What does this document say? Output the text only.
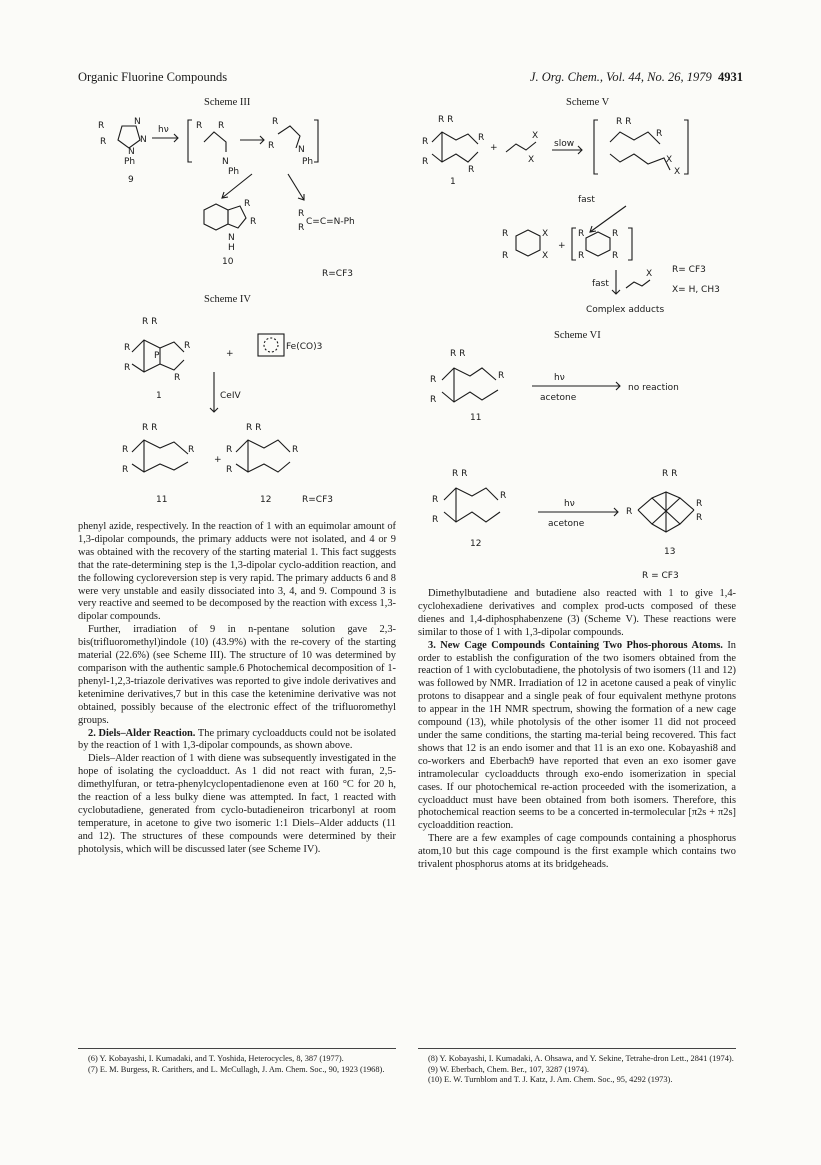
Organic Fluorine Compounds	J. Org. Chem., Vol. 44, No. 26, 1979 4931
Scheme III
R
R
N
N
N
Ph
9
hν	R R
N
Ph
R
R	N
Ph
R
R
N
H
10
R
R
C=C=N-Ph
R=CF3
Scheme IV
R R
R
R
R
R
P
1
+
Fe(CO)3
CeIV
R R
R
R
R
11
+
R R
R
R
R
12	R=CF3
Scheme V
R R
R
R
R
R
1
+
X
X
slow
R R
R
X
X
fast
R
R
X
X
+
R	R
R	R
fast
X R= CF3
X= H, CH3
Complex adducts
Scheme VI
R R
R
R
R
11
hν
acetone
no reaction
R R
R
R
R
12
hν
acetone
R R
R
R
R
13
R = CF3

phenyl azide, respectively. In the reaction of 1 with an equimolar amount of 1,3-dipolar compounds, the primary adducts were not isolated, and 4 or 9 was obtained with the recovery of the starting material 1. This fact suggests that the rate-determining step is the 1,3-dipolar cyclo-addition reaction, and the following cycloreversion step is very rapid. The primary adducts 6 and 8 were very unstable and easily dissociated into 3, 4, and 9. Compound 3 is very reactive and seemed to be decomposed by the reaction with excess 1,3-dipolar compounds.

Further, irradiation of 9 in n-pentane solution gave 2,3-bis(trifluoromethyl)indole (10) (43.9%) with the re-covery of the starting material (22.6%) (see Scheme III). The structure of 10 was determined by comparison with the authentic sample.6 Photochemical decomposition of 1-phenyl-1,2,3-triazole derivatives was reported to give indole derivatives and ketenimine derivatives,7 but in this case the ketenimine derivative was not obtained, possibly because of the electronic effect of the trifluoromethyl groups.

2. Diels–Alder Reaction. The primary cycloadducts could not be isolated by the reaction of 1 with 1,3-dipolar compounds, as shown above.

Diels–Alder reaction of 1 with diene was subsequently investigated in the hope of isolating the cycloadduct. As 1 did not react with furan, 2,5-dimethylfuran, or tetra-phenylcyclopentadienone even at 160 °C for 20 h, the reaction of a less bulky diene was attempted. In fact, 1 reacted with cyclobutadiene, generated from cyclo-butadieneiron tricarbonyl at room temperature, in acetone to give two isomeric 1:1 Diels–Alder adducts (11 and 12). The structures of these compounds were determined by their photolysis, which will be discussed later (see Scheme IV).

Dimethylbutadiene and butadiene also reacted with 1 to give 1,4-cyclohexadiene derivatives and complex prod-ucts composed of these dienes and 1,4-diphosphabenzene (3) (Scheme V). These reactions were similar to those of 1 with 1,3-dipolar compounds.

3. New Cage Compounds Containing Two Phos-phorous Atoms. In order to establish the configuration of the two isomers obtained from the reaction of 1 with cyclobutadiene, the photolysis of two isomers (11 and 12) was followed by NMR. Irradiation of 12 in acetone caused a peak of vinylic protons to disappear and a single peak of four equivalent methyne protons to appear in the 1H NMR spectrum, showing the formation of a new cage compound (13), while photolysis of the other isomer 11 did not proceed under the same conditions, the starting ma-terial being recovered. This fact shows that 12 is an endo isomer and that 11 is an exo one. Kobayashi8 and co-workers and Eberbach9 have reported that even an exo isomer gave intramolecular cycloadducts through exo-endo isomerization in special cases. If our photochemical re-action proceeded with the isomerization, a cycloadduct must have been obtained from both isomers. Therefore, this photochemical reaction seems to be a concerted in-termolecular [π2s + π2s] cycloaddition reaction.

There are a few examples of cage compounds containing a phosphorus atom,10 but this cage compound is the first example which contains two trivalent phosphorus atoms at its bridgeheads.

(6) Y. Kobayashi, I. Kumadaki, and T. Yoshida, Heterocycles, 8, 387 (1977).

(7) E. M. Burgess, R. Carithers, and L. McCullagh, J. Am. Chem. Soc., 90, 1923 (1968).

(8) Y. Kobayashi, I. Kumadaki, A. Ohsawa, and Y. Sekine, Tetrahe-dron Lett., 2841 (1974).

(9) W. Eberbach, Chem. Ber., 107, 3287 (1974).

(10) E. W. Turnblom and T. J. Katz, J. Am. Chem. Soc., 95, 4292 (1973).
